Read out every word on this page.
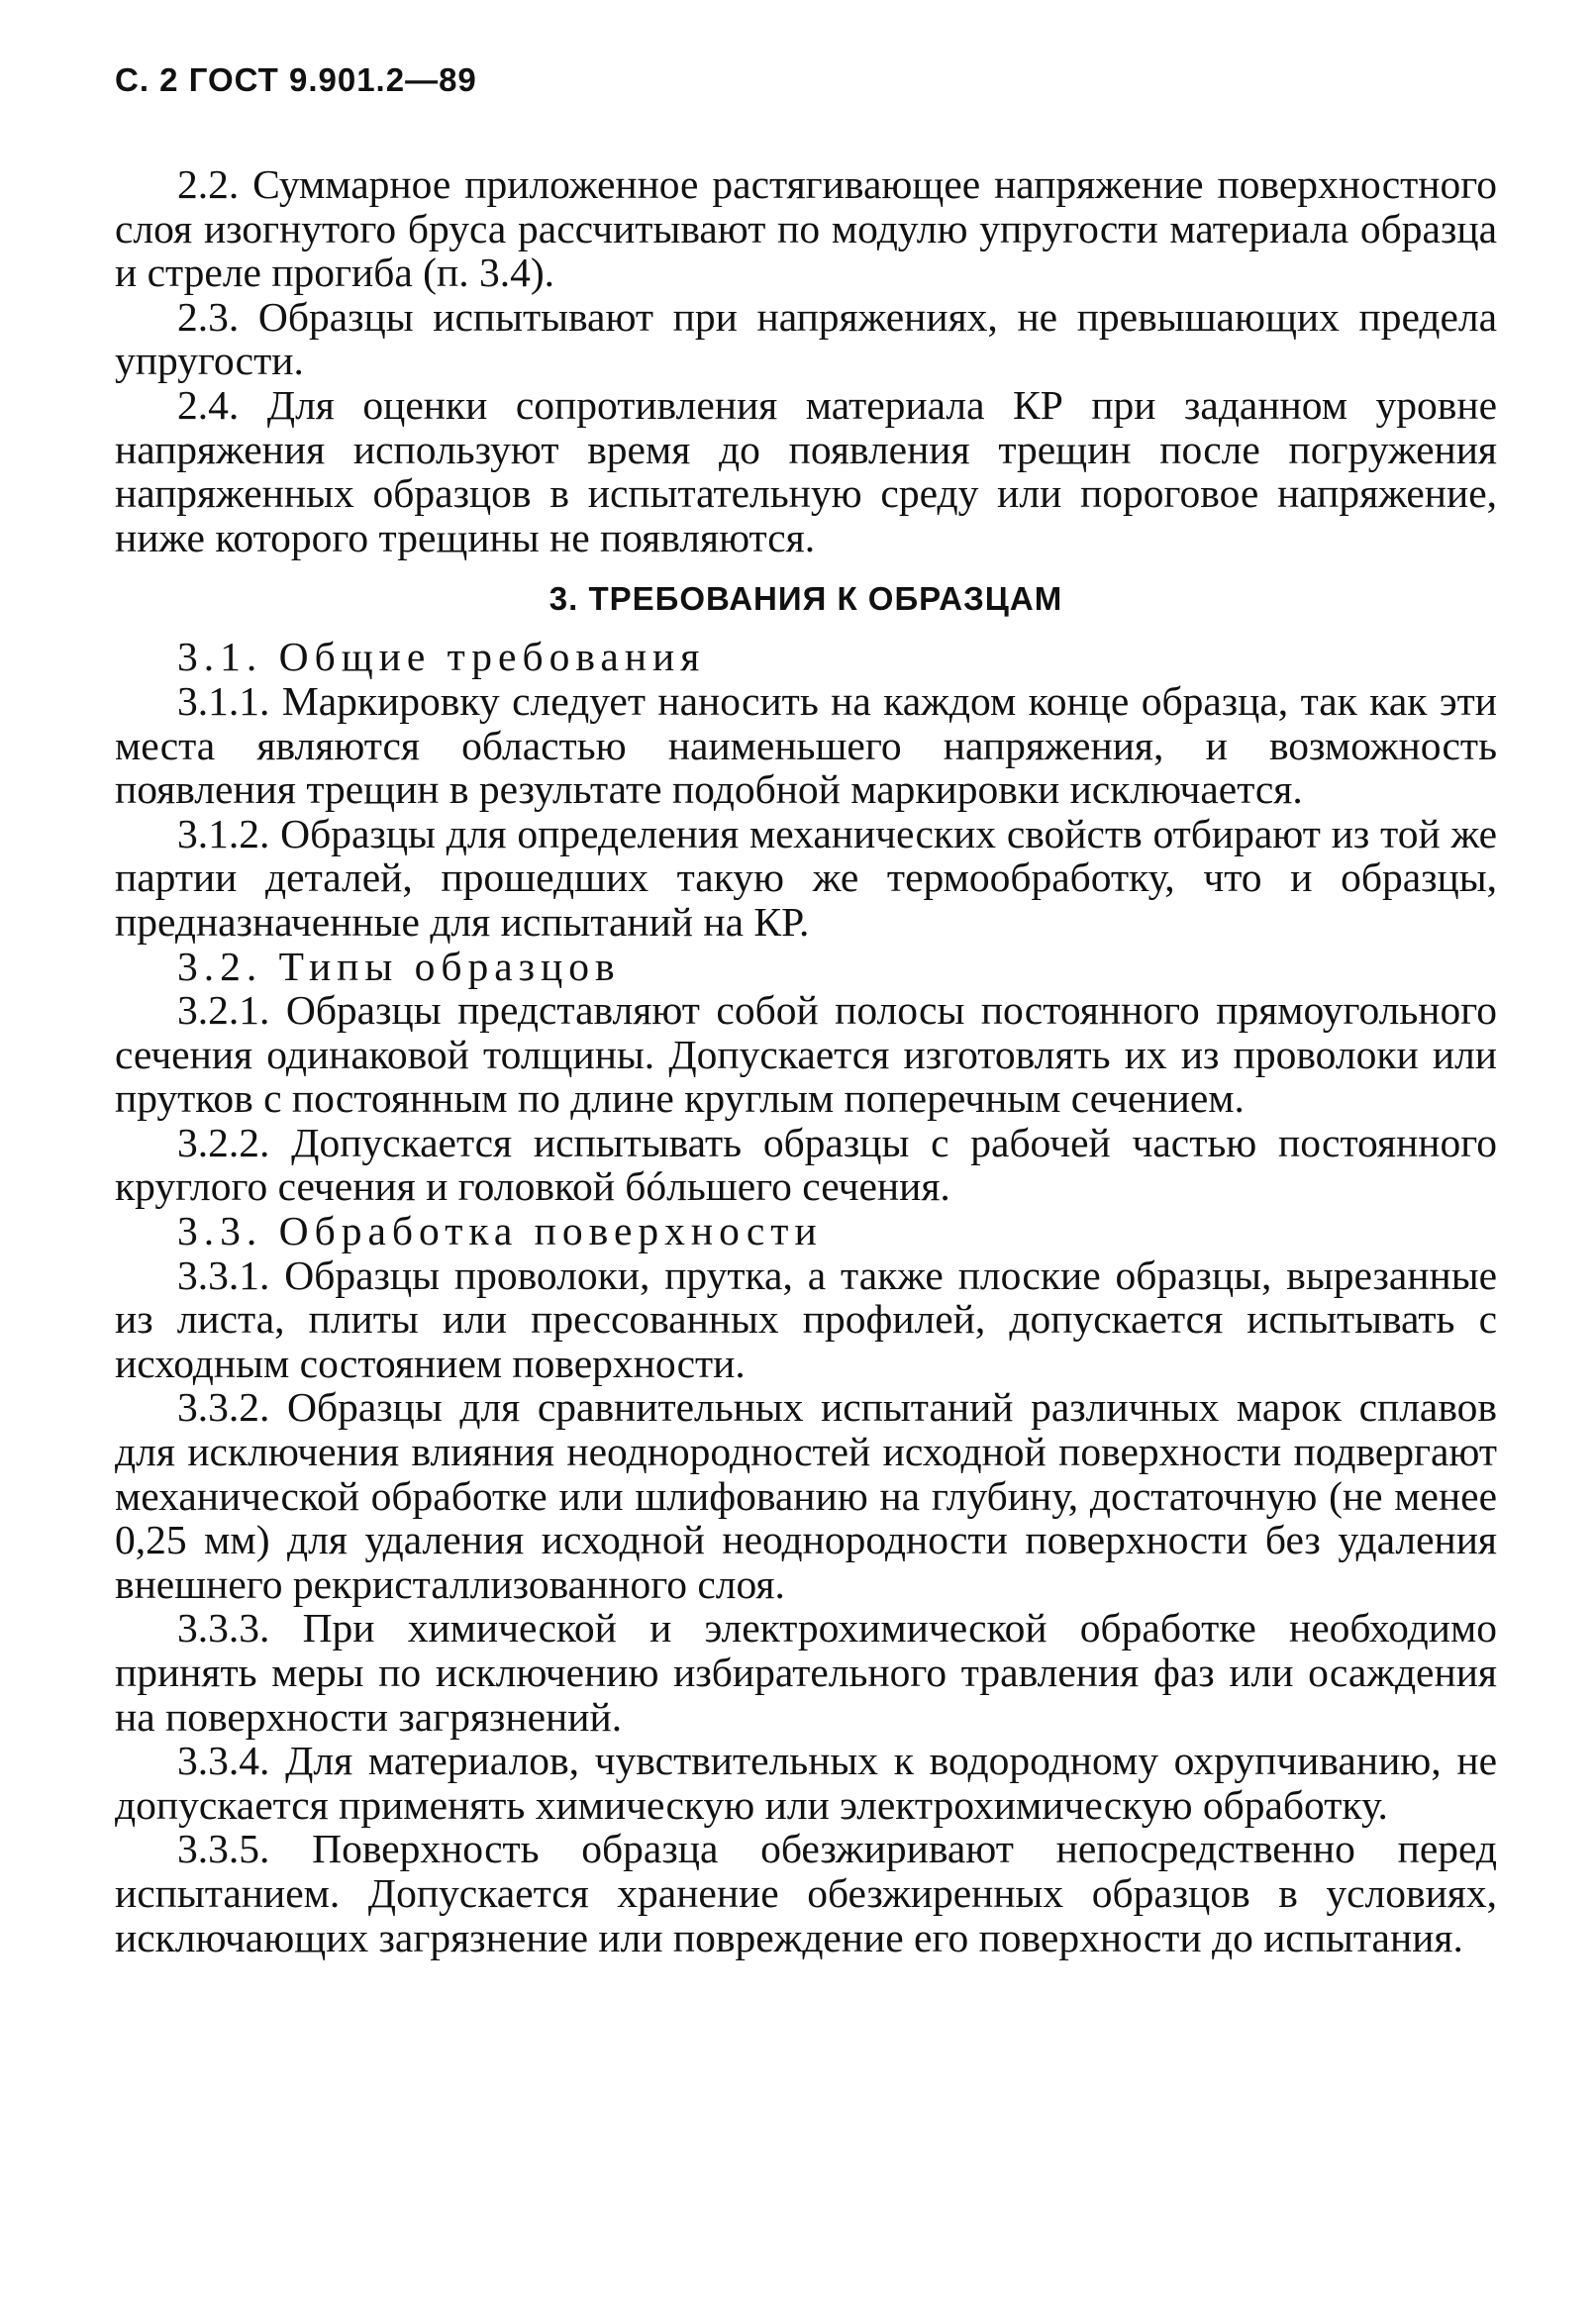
С. 2 ГОСТ 9.901.2—89

2.2. Суммарное приложенное растягивающее напряжение поверхностного слоя изогнутого бруса рассчитывают по модулю упругости материала образца и стреле прогиба (п. 3.4).

2.3. Образцы испытывают при напряжениях, не превышающих предела упругости.

2.4. Для оценки сопротивления материала КР при заданном уровне напряжения используют время до появления трещин после погружения напряженных образцов в испытательную среду или пороговое напряжение, ниже которого трещины не появляются.

3. ТРЕБОВАНИЯ К ОБРАЗЦАМ

3.1. Общие требования

3.1.1. Маркировку следует наносить на каждом конце образца, так как эти места являются областью наименьшего напряжения, и возможность появления трещин в результате подобной маркировки исключается.

3.1.2. Образцы для определения механических свойств отбирают из той же партии деталей, прошедших такую же термообработку, что и образцы, предназначенные для испытаний на КР.

3.2. Типы образцов

3.2.1. Образцы представляют собой полосы постоянного прямоугольного сечения одинаковой толщины. Допускается изготовлять их из проволоки или прутков с постоянным по длине круглым поперечным сечением.

3.2.2. Допускается испытывать образцы с рабочей частью постоянного круглого сечения и головкой бóльшего сечения.

3.3. Обработка поверхности

3.3.1. Образцы проволоки, прутка, а также плоские образцы, вырезанные из листа, плиты или прессованных профилей, допускается испытывать с исходным состоянием поверхности.

3.3.2. Образцы для сравнительных испытаний различных марок сплавов для исключения влияния неоднородностей исходной поверхности подвергают механической обработке или шлифованию на глубину, достаточную (не менее 0,25 мм) для удаления исходной неоднородности поверхности без удаления внешнего рекристаллизованного слоя.

3.3.3. При химической и электрохимической обработке необходимо принять меры по исключению избирательного травления фаз или осаждения на поверхности загрязнений.

3.3.4. Для материалов, чувствительных к водородному охрупчиванию, не допускается применять химическую или электрохимическую обработку.

3.3.5. Поверхность образца обезжиривают непосредственно перед испытанием. Допускается хранение обезжиренных образцов в условиях, исключающих загрязнение или повреждение его поверхности до испытания.
